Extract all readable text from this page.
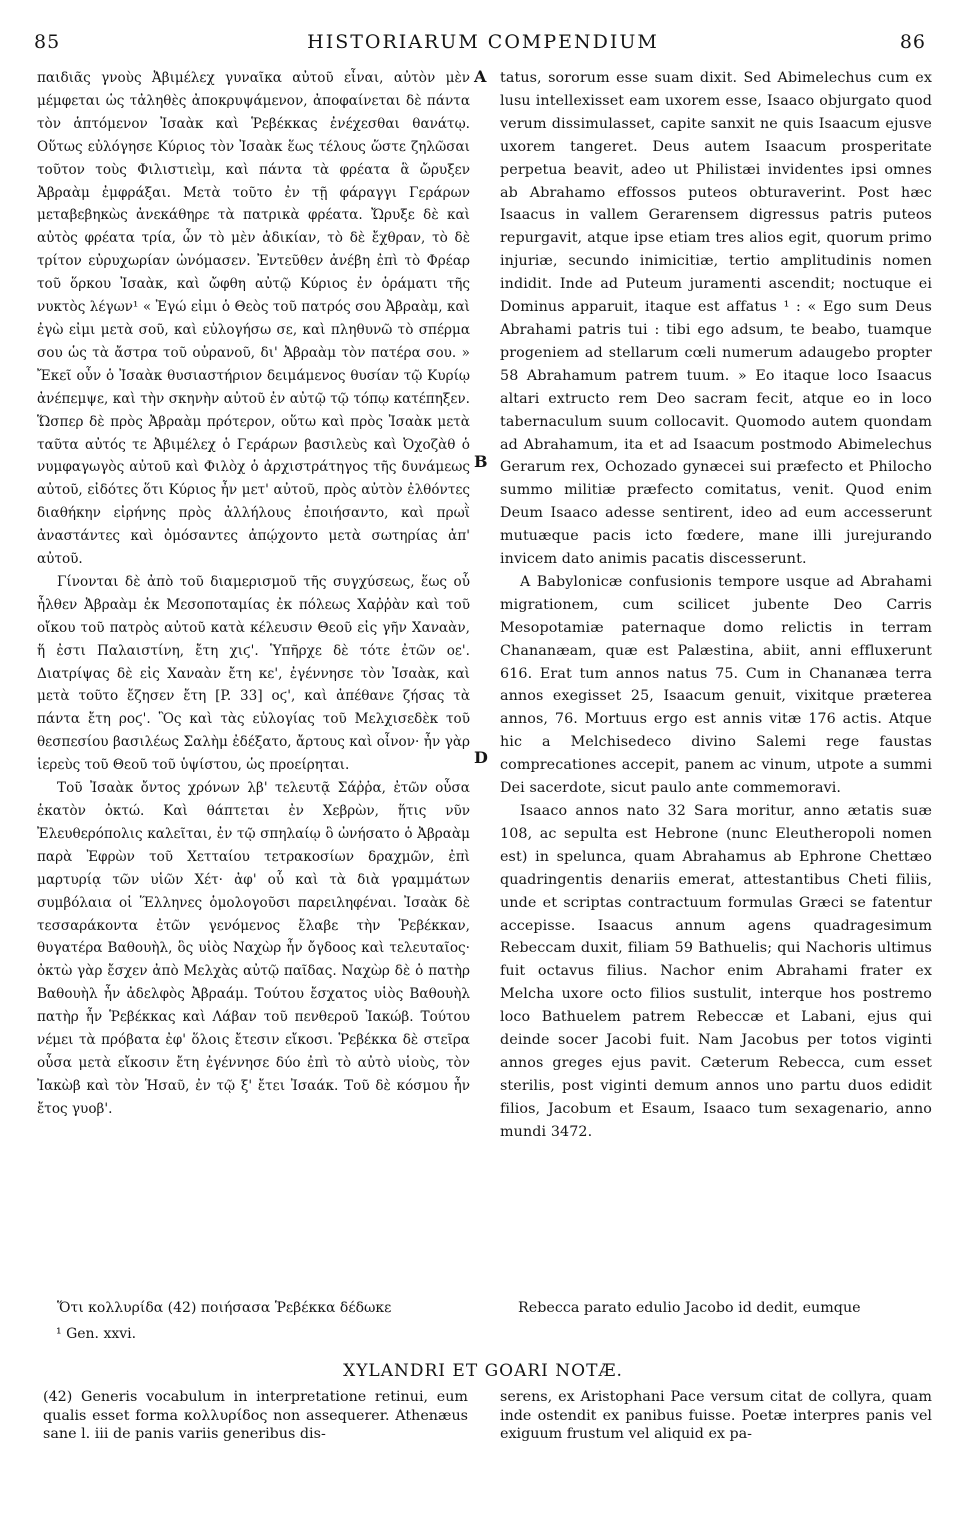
85	HISTORIARUM COMPENDIUM	86
A
B
D

παιδιᾶς γνοὺς Ἀβιμέλεχ γυναῖκα αὐτοῦ εἶναι, αὐτὸν μὲν μέμφεται ὡς τἀληθὲς ἀποκρυψάμενον, ἀποφαίνεται δὲ πάντα τὸν ἁπτόμενον Ἰσαὰκ καὶ Ῥεβέκκας ἐνέχεσθαι θανάτῳ. Οὕτως εὐλόγησε Κύριος τὸν Ἰσαὰκ ἕως τέλους ὥστε ζηλῶσαι τοῦτον τοὺς Φιλιστιεὶμ, καὶ πάντα τὰ φρέατα ἃ ὤρυξεν Ἀβραὰμ ἐμφράξαι. Μετὰ τοῦτο ἐν τῇ φάραγγι Γεράρων μεταβεβηκὼς ἀνεκάθηρε τὰ πατρικὰ φρέατα. Ὤρυξε δὲ καὶ αὐτὸς φρέατα τρία, ὧν τὸ μὲν ἀδικίαν, τὸ δὲ ἔχθραν, τὸ δὲ τρίτον εὐρυχωρίαν ὠνόμασεν. Ἐντεῦθεν ἀνέβη ἐπὶ τὸ Φρέαρ τοῦ ὅρκου Ἰσαὰκ, καὶ ὤφθη αὐτῷ Κύριος ἐν ὁράματι τῆς νυκτὸς λέγων¹ « Ἐγώ εἰμι ὁ Θεὸς τοῦ πατρός σου Ἀβραὰμ, καὶ ἐγὼ εἰμι μετὰ σοῦ, καὶ εὐλογήσω σε, καὶ πληθυνῶ τὸ σπέρμα σου ὡς τὰ ἄστρα τοῦ οὐρανοῦ, δι' Ἀβραὰμ τὸν πατέρα σου. » Ἔκεῖ οὖν ὁ Ἰσαὰκ θυσιαστήριον δειμάμενος θυσίαν τῷ Κυρίῳ ἀνέπεμψε, καὶ τὴν σκηνὴν αὐτοῦ ἐν αὐτῷ τῷ τόπῳ κατέπηξεν. Ὥσπερ δὲ πρὸς Ἀβραὰμ πρότερον, οὕτω καὶ πρὸς Ἰσαὰκ μετὰ ταῦτα αὐτός τε Ἀβιμέλεχ ὁ Γεράρων βασιλεὺς καὶ Ὀχοζὰθ ὁ νυμφαγωγὸς αὐτοῦ καὶ Φιλὸχ ὁ ἀρχιστράτηγος τῆς δυνάμεως αὐτοῦ, εἰδότες ὅτι Κύριος ἦν μετ' αὐτοῦ, πρὸς αὐτὸν ἐλθόντες διαθήκην εἰρήνης πρὸς ἀλλήλους ἐποιήσαντο, καὶ πρωῒ ἀναστάντες καὶ ὀμόσαντες ἀπῴχοντο μετὰ σωτηρίας ἀπ' αὐτοῦ.

Γίνονται δὲ ἀπὸ τοῦ διαμερισμοῦ τῆς συγχύσεως, ἕως οὗ ἦλθεν Ἀβραὰμ ἐκ Μεσοποταμίας ἐκ πόλεως Χαῤῥὰν καὶ τοῦ οἴκου τοῦ πατρὸς αὐτοῦ κατὰ κέλευσιν Θεοῦ εἰς γῆν Χαναὰν, ἥ ἐστι Παλαιστίνη, ἔτη χιϛ'. Ὑπῆρχε δὲ τότε ἐτῶν οε'. Διατρίψας δὲ εἰς Χαναὰν ἔτη κε', ἐγέννησε τὸν Ἰσαὰκ, καὶ μετὰ τοῦτο ἔζησεν ἔτη [P. 33] οϛ', καὶ ἀπέθανε ζήσας τὰ πάντα ἔτη ροϛ'. Ὃς καὶ τὰς εὐλογίας τοῦ Μελχισεδὲκ τοῦ θεσπεσίου βασιλέως Σαλὴμ ἐδέξατο, ἄρτους καὶ οἶνον· ἦν γὰρ ἱερεὺς τοῦ Θεοῦ τοῦ ὑψίστου, ὡς προείρηται.

Τοῦ Ἰσαὰκ ὄντος χρόνων λβ' τελευτᾷ Σάῤῥα, ἐτῶν οὖσα ἑκατὸν ὀκτώ. Καὶ θάπτεται ἐν Χεβρὼν, ἥτις νῦν Ἐλευθερόπολις καλεῖται, ἐν τῷ σπηλαίῳ ὃ ὠνήσατο ὁ Ἀβραὰμ παρὰ Ἐφρὼν τοῦ Χετταίου τετρακοσίων δραχμῶν, ἐπὶ μαρτυρίᾳ τῶν υἱῶν Χέτ· ἀφ' οὗ καὶ τὰ διὰ γραμμάτων συμβόλαια οἱ Ἕλληνες ὁμολογοῦσι παρειληφέναι. Ἰσαὰκ δὲ τεσσαράκοντα ἐτῶν γενόμενος ἔλαβε τὴν Ῥεβέκκαν, θυγατέρα Βαθουὴλ, ὃς υἱὸς Ναχὼρ ἦν ὄγδοος καὶ τελευταῖος· ὀκτὼ γὰρ ἔσχεν ἀπὸ Μελχὰς αὐτῷ παῖδας. Ναχὼρ δὲ ὁ πατὴρ Βαθουὴλ ἦν ἀδελφὸς Ἀβραάμ. Τούτου ἔσχατος υἱὸς Βαθουὴλ πατὴρ ἦν Ῥεβέκκας καὶ Λάβαν τοῦ πενθεροῦ Ἰακώβ. Τούτου νέμει τὰ πρόβατα ἐφ' ὅλοις ἔτεσιν εἴκοσι. Ῥεβέκκα δὲ στεῖρα οὖσα μετὰ εἴκοσιν ἔτη ἐγέννησε δύο ἐπὶ τὸ αὐτὸ υἱοὺς, τὸν Ἰακὼβ καὶ τὸν Ἡσαῦ, ἐν τῷ ξ' ἔτει Ἰσαάκ. Τοῦ δὲ κόσμου ἦν ἔτος γυοβ'.

tatus, sororum esse suam dixit. Sed Abimelechus cum ex lusu intellexisset eam uxorem esse, Isaaco objurgato quod verum dissimulasset, capite sanxit ne quis Isaacum ejusve uxorem tangeret. Deus autem Isaacum prosperitate perpetua beavit, adeo ut Philistæi invidentes ipsi omnes ab Abrahamo effossos puteos obturaverint. Post hæc Isaacus in vallem Gerarensem digressus patris puteos repurgavit, atque ipse etiam tres alios egit, quorum primo injuriæ, secundo inimicitiæ, tertio amplitudinis nomen indidit. Inde ad Puteum juramenti ascendit; noctuque ei Dominus apparuit, itaque est affatus ¹ : « Ego sum Deus Abrahami patris tui : tibi ego adsum, te beabo, tuamque progeniem ad stellarum cœli numerum adaugebo propter 58 Abrahamum patrem tuum. » Eo itaque loco Isaacus altari extructo rem Deo sacram fecit, atque eo in loco tabernaculum suum collocavit. Quomodo autem quondam ad Abrahamum, ita et ad Isaacum postmodo Abimelechus Gerarum rex, Ochozado gynæcei sui præfecto et Philocho summo militiæ præfecto comitatus, venit. Quod enim Deum Isaaco adesse sentirent, ideo ad eum accesserunt mutuæque pacis icto fœdere, mane illi jurejurando invicem dato animis pacatis discesserunt.

A Babylonicæ confusionis tempore usque ad Abrahami migrationem, cum scilicet jubente Deo Carris Mesopotamiæ paternaque domo relictis in terram Chananæam, quæ est Palæstina, abiit, anni effluxerunt 616. Erat tum annos natus 75. Cum in Chananæa terra annos exegisset 25, Isaacum genuit, vixitque præterea annos, 76. Mortuus ergo est annis vitæ 176 actis. Atque hic a Melchisedeco divino Salemi rege faustas comprecationes accepit, panem ac vinum, utpote a summi Dei sacerdote, sicut paulo ante commemoravi.

Isaaco annos nato 32 Sara moritur, anno ætatis suæ 108, ac sepulta est Hebrone (nunc Eleutheropoli nomen est) in spelunca, quam Abrahamus ab Ephrone Chettæo quadringentis denariis emerat, attestantibus Cheti filiis, unde et scriptas contractuum formulas Græci se fatentur accepisse. Isaacus annum agens quadragesimum Rebeccam duxit, filiam 59 Bathuelis; qui Nachoris ultimus fuit octavus filius. Nachor enim Abrahami frater ex Melcha uxore octo filios sustulit, interque hos postremo loco Bathuelem patrem Rebeccæ et Labani, ejus qui deinde socer Jacobi fuit. Nam Jacobus per totos viginti annos greges ejus pavit. Cæterum Rebecca, cum esset sterilis, post viginti demum annos uno partu duos edidit filios, Jacobum et Esaum, Isaaco tum sexagenario, anno mundi 3472.

Ὅτι κολλυρίδα (42) ποιήσασα Ῥεβέκκα δέδωκε	Rebecca parato edulio Jacobo id dedit, eumque
¹ Gen. xxvi.
XYLANDRI ET GOARI NOTÆ.
(42) Generis vocabulum in interpretatione retinui, eum qualis esset forma κολλυρίδος non assequerer. Athenæus sane l. iii de panis variis generibus dis-
serens, ex Aristophani Pace versum citat de collyra, quam inde ostendit ex panibus fuisse. Poetæ interpres panis vel exiguum frustum vel aliquid ex pa-
